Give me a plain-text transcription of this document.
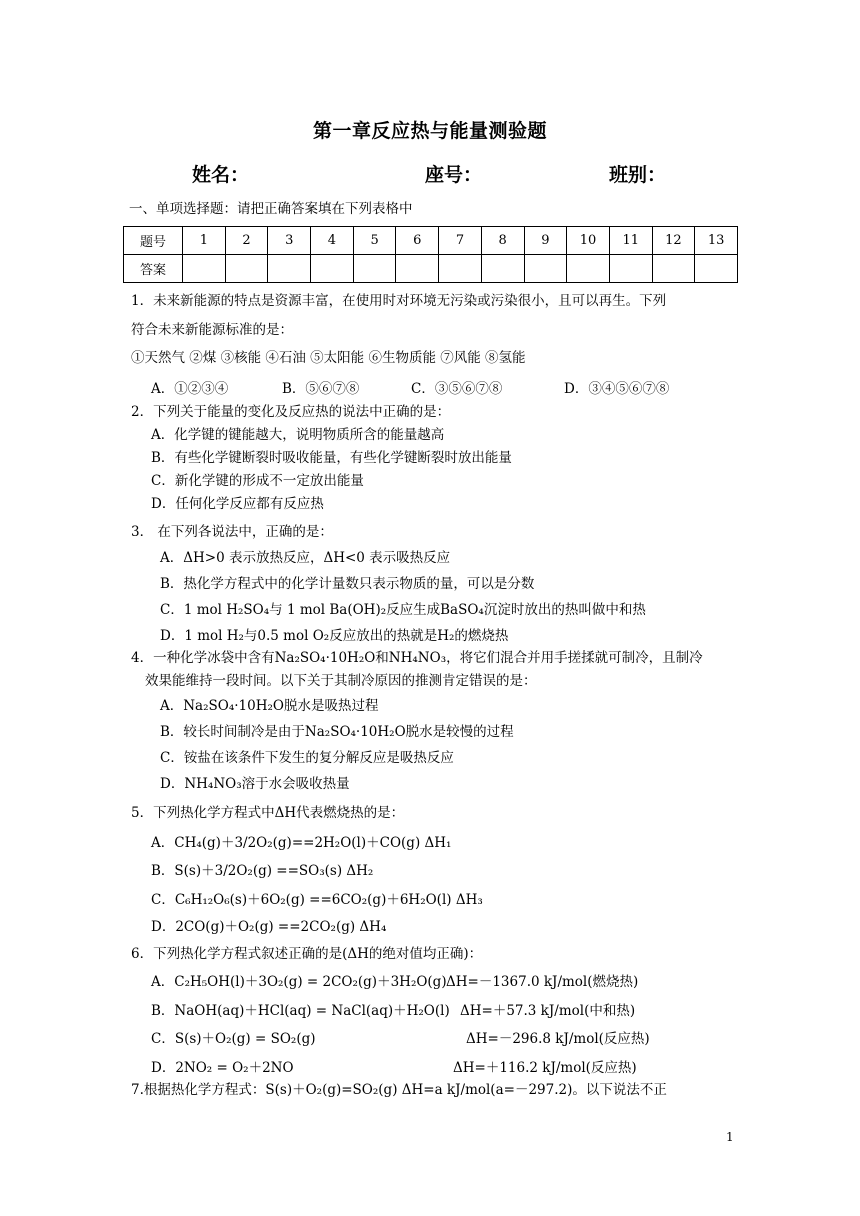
第一章反应热与能量测验题
姓名：	座号：	班别：
一、单项选择题：请把正确答案填在下列表格中
题号	1	2	3	4	5	6	7	8	9	10	11	12	13
答案													
1．未来新能源的特点是资源丰富，在使用时对环境无污染或污染很小，且可以再生。下列
符合未来新能源标准的是：
①天然气 ②煤 ③核能 ④石油 ⑤太阳能 ⑥生物质能 ⑦风能 ⑧氢能
A．①②③④	B．⑤⑥⑦⑧	C．③⑤⑥⑦⑧	D．③④⑤⑥⑦⑧
2．下列关于能量的变化及反应热的说法中正确的是：
A．化学键的键能越大，说明物质所含的能量越高
B．有些化学键断裂时吸收能量，有些化学键断裂时放出能量
C．新化学键的形成不一定放出能量
D．任何化学反应都有反应热
3． 在下列各说法中，正确的是：
A．ΔH>0 表示放热反应，ΔH<0 表示吸热反应
B．热化学方程式中的化学计量数只表示物质的量，可以是分数
C．1 mol H₂SO₄与 1 mol Ba(OH)₂反应生成BaSO₄沉淀时放出的热叫做中和热
D．1 mol H₂与0.5 mol O₂反应放出的热就是H₂的燃烧热
4．一种化学冰袋中含有Na₂SO₄·10H₂O和NH₄NO₃，将它们混合并用手搓揉就可制冷，且制冷
效果能维持一段时间。以下关于其制冷原因的推测肯定错误的是：
A．Na₂SO₄·10H₂O脱水是吸热过程
B．较长时间制冷是由于Na₂SO₄·10H₂O脱水是较慢的过程
C．铵盐在该条件下发生的复分解反应是吸热反应
D．NH₄NO₃溶于水会吸收热量
5．下列热化学方程式中ΔH代表燃烧热的是：
A．CH₄(g)＋3/2O₂(g)==2H₂O(l)＋CO(g) ΔH₁
B．S(s)＋3/2O₂(g) ==SO₃(s) ΔH₂
C．C₆H₁₂O₆(s)＋6O₂(g) ==6CO₂(g)＋6H₂O(l) ΔH₃
D．2CO(g)＋O₂(g) ==2CO₂(g) ΔH₄
6．下列热化学方程式叙述正确的是(ΔH的绝对值均正确)：
A．C₂H₅OH(l)＋3O₂(g) = 2CO₂(g)＋3H₂O(g) ΔH=－1367.0 kJ/mol(燃烧热)
B．NaOH(aq)＋HCl(aq) = NaCl(aq)＋H₂O(l) ΔH=＋57.3 kJ/mol(中和热)
C．S(s)＋O₂(g) = SO₂(g)	ΔH=－296.8 kJ/mol(反应热)
D．2NO₂ = O₂＋2NO	ΔH=＋116.2 kJ/mol(反应热)
7.根据热化学方程式：S(s)＋O₂(g)=SO₂(g) ΔH=a kJ/mol(a=－297.2)。以下说法不正
1
